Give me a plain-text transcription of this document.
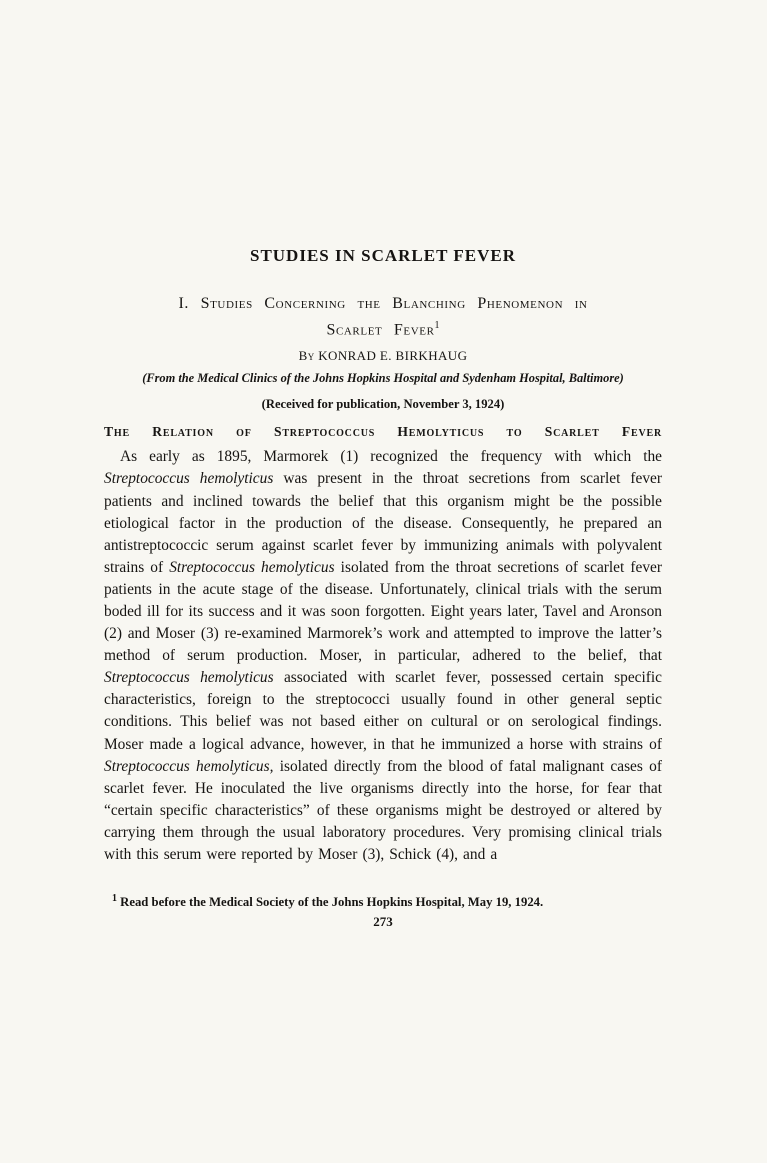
STUDIES IN SCARLET FEVER
I. Studies Concerning the Blanching Phenomenon in
Scarlet Fever$^1$
By KONRAD E. BIRKHAUG
(From the Medical Clinics of the Johns Hopkins Hospital and Sydenham Hospital, Baltimore)
(Received for publication, November 3, 1924)
The Relation of Streptococcus Hemolyticus to Scarlet Fever

As early as 1895, Marmorek (1) recognized the frequency with which the Streptococcus hemolyticus was present in the throat secretions from scarlet fever patients and inclined towards the belief that this organism might be the possible etiological factor in the production of the disease. Consequently, he prepared an antistreptococcic serum against scarlet fever by immunizing animals with polyvalent strains of Streptococcus hemolyticus isolated from the throat secretions of scarlet fever patients in the acute stage of the disease. Unfortunately, clinical trials with the serum boded ill for its success and it was soon forgotten. Eight years later, Tavel and Aronson (2) and Moser (3) re-examined Marmorek’s work and attempted to improve the latter’s method of serum production. Moser, in particular, adhered to the belief, that Streptococcus hemolyticus associated with scarlet fever, possessed certain specific characteristics, foreign to the streptococci usually found in other general septic conditions. This belief was not based either on cultural or on serological findings. Moser made a logical advance, however, in that he immunized a horse with strains of Streptococcus hemolyticus, isolated directly from the blood of fatal malignant cases of scarlet fever. He inoculated the live organisms directly into the horse, for fear that “certain specific characteristics” of these organisms might be destroyed or altered by carrying them through the usual laboratory procedures. Very promising clinical trials with this serum were reported by Moser (3), Schick (4), and a

$^1$ Read before the Medical Society of the Johns Hopkins Hospital, May 19, 1924.
273
